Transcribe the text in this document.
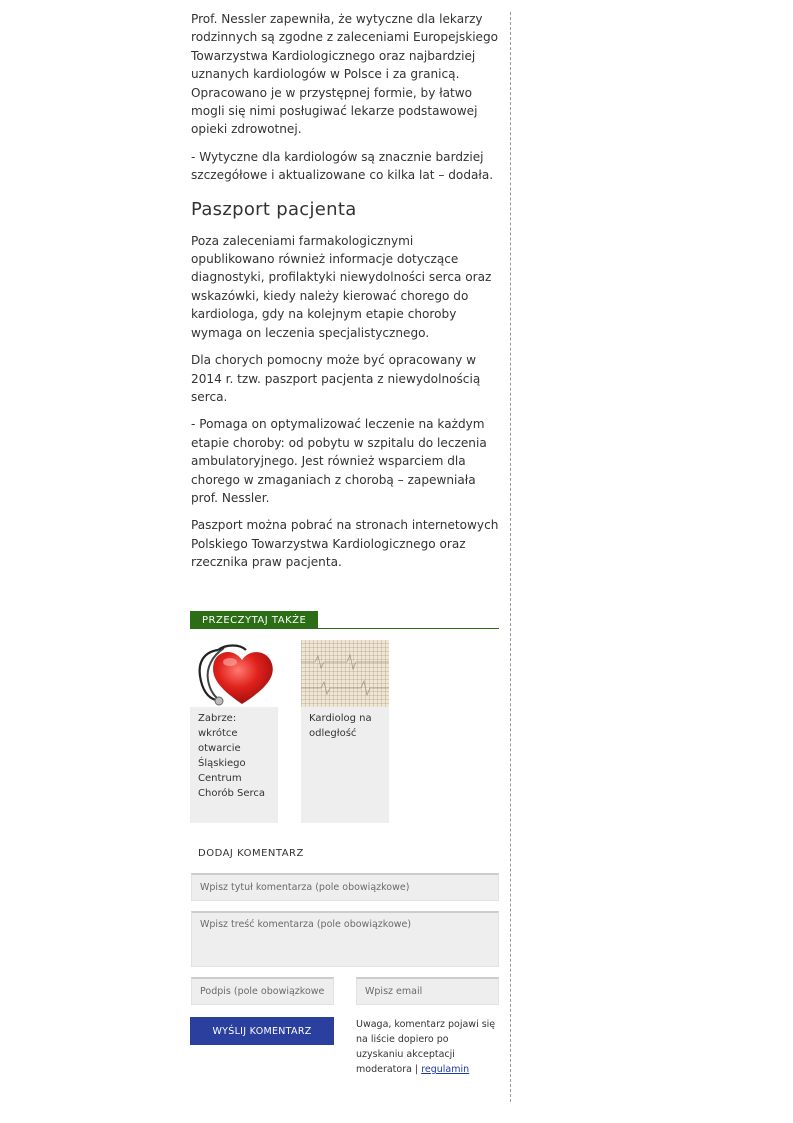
Prof. Nessler zapewniła, że wytyczne dla lekarzy rodzinnych są zgodne z zaleceniami Europejskiego Towarzystwa Kardiologicznego oraz najbardziej uznanych kardiologów w Polsce i za granicą. Opracowano je w przystępnej formie, by łatwo mogli się nimi posługiwać lekarze podstawowej opieki zdrowotnej.

- Wytyczne dla kardiologów są znacznie bardziej szczegółowe i aktualizowane co kilka lat – dodała.

Paszport pacjenta

Poza zaleceniami farmakologicznymi opublikowano również informacje dotyczące diagnostyki, profilaktyki niewydolności serca oraz wskazówki, kiedy należy kierować chorego do kardiologa, gdy na kolejnym etapie choroby wymaga on leczenia specjalistycznego.

Dla chorych pomocny może być opracowany w 2014 r. tzw. paszport pacjenta z niewydolnością serca.

- Pomaga on optymalizować leczenie na każdym etapie choroby: od pobytu w szpitalu do leczenia ambulatoryjnego. Jest również wsparciem dla chorego w zmaganiach z chorobą – zapewniała prof. Nessler.

Paszport można pobrać na stronach internetowych Polskiego Towarzystwa Kardiologicznego oraz rzecznika praw pacjenta.

PRZECZYTAJ TAKŻE
Zabrze: wkrótce otwarcie Śląskiego Centrum Chorób Serca
Kardiolog na odległość
DODAJ KOMENTARZ
Wpisz tytuł komentarza (pole obowiązkowe)
Wpisz treść komentarza (pole obowiązkowe)
Podpis (pole obowiązkowe)
Wpisz email
WYŚLIJ KOMENTARZ
Uwaga, komentarz pojawi się na liście dopiero po uzyskaniu akceptacji moderatora | regulamin
